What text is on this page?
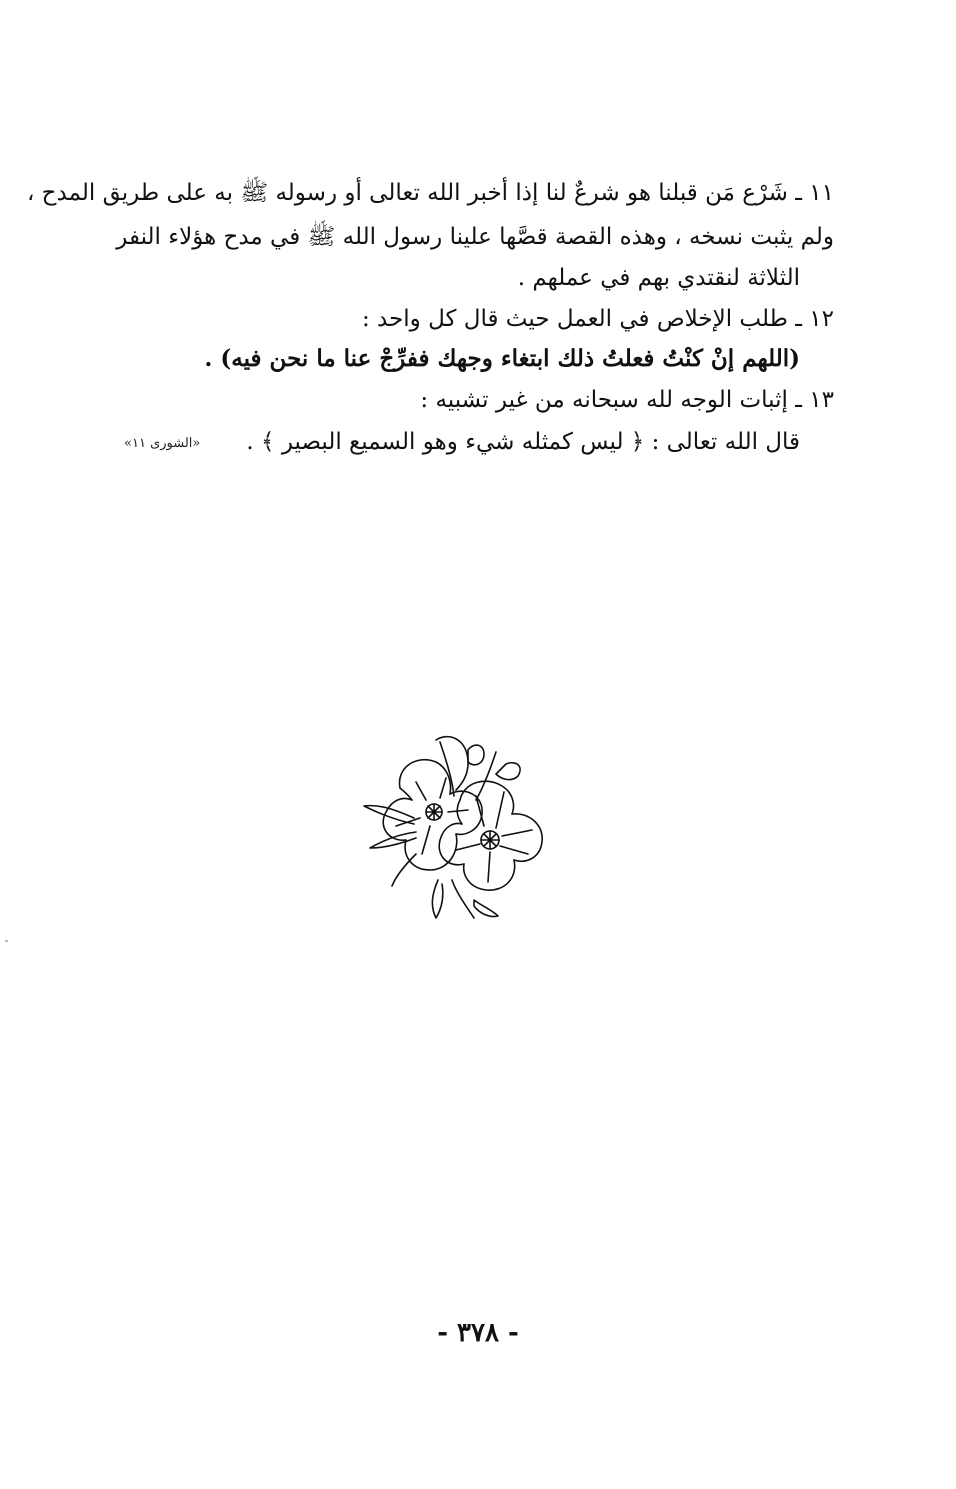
١١ ـ شَرْع مَن قبلنا هو شرعٌ لنا إذا أخبر الله تعالى أو رسوله ﷺ به على طريق المدح ،
ولم يثبت نسخه ، وهذه القصة قصَّها علينا رسول الله ﷺ في مدح هؤلاء النفر
الثلاثة لنقتدي بهم في عملهم .
١٢ ـ طلب الإخلاص في العمل حيث قال كل واحد :
(اللهم إنْ كنْتُ فعلتُ ذلك ابتغاء وجهك ففرِّجْ عنا ما نحن فيه) .
١٣ ـ إثبات الوجه لله سبحانه من غير تشبيه :
قال الله تعالى : ﴿ ليس كمثله شيء وهو السميع البصير ﴾ .
«الشورى ١١»
- ٣٧٨ -
